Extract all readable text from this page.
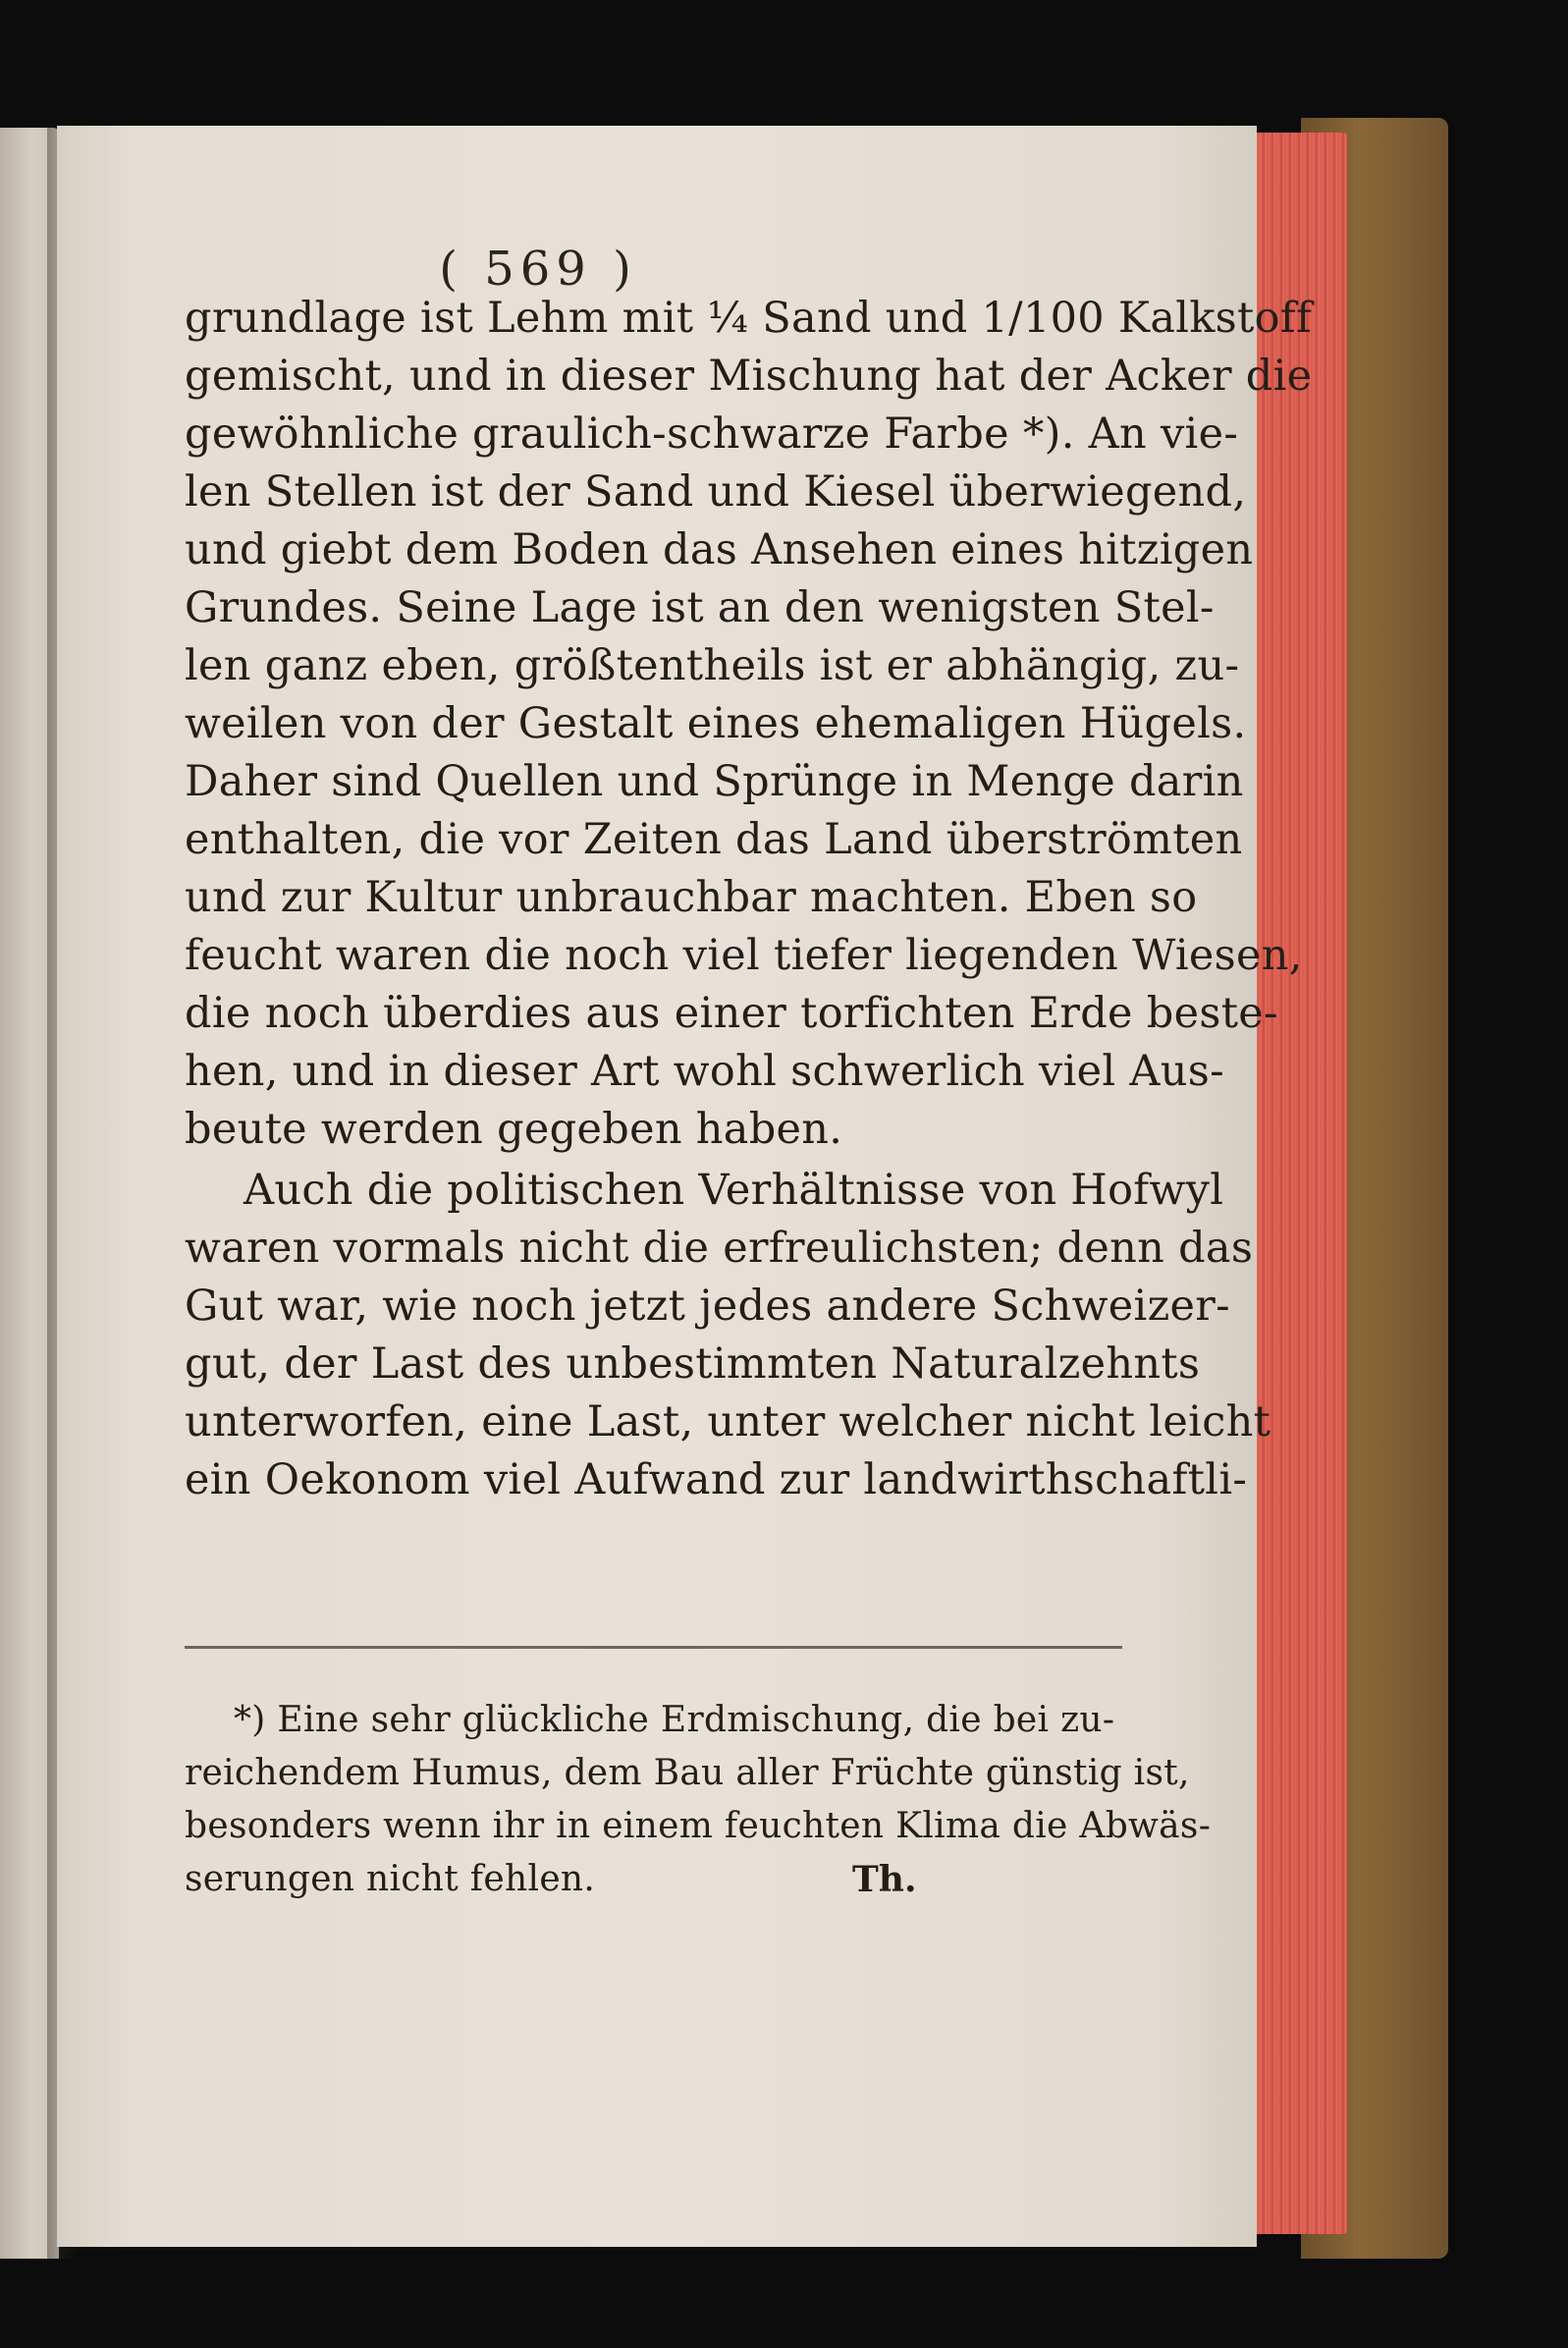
( 569 )
grundlage ist Lehm mit ¼ Sand und 1/100 Kalkstoff
gemischt, und in dieser Mischung hat der Acker die
gewöhnliche graulich-schwarze Farbe *). An vie-
len Stellen ist der Sand und Kiesel überwiegend,
und giebt dem Boden das Ansehen eines hitzigen
Grundes. Seine Lage ist an den wenigsten Stel-
len ganz eben, größtentheils ist er abhängig, zu-
weilen von der Gestalt eines ehemaligen Hügels.
Daher sind Quellen und Sprünge in Menge darin
enthalten, die vor Zeiten das Land überströmten
und zur Kultur unbrauchbar machten. Eben so
feucht waren die noch viel tiefer liegenden Wiesen,
die noch überdies aus einer torfichten Erde beste-
hen, und in dieser Art wohl schwerlich viel Aus-
beute werden gegeben haben.
Auch die politischen Verhältnisse von Hofwyl
waren vormals nicht die erfreulichsten; denn das
Gut war, wie noch jetzt jedes andere Schweizer-
gut, der Last des unbestimmten Naturalzehnts
unterworfen, eine Last, unter welcher nicht leicht
ein Oekonom viel Aufwand zur landwirthschaftli-
*) Eine sehr glückliche Erdmischung, die bei zu-
reichendem Humus, dem Bau aller Früchte günstig ist,
besonders wenn ihr in einem feuchten Klima die Abwäs-
serungen nicht fehlen.	Th.
